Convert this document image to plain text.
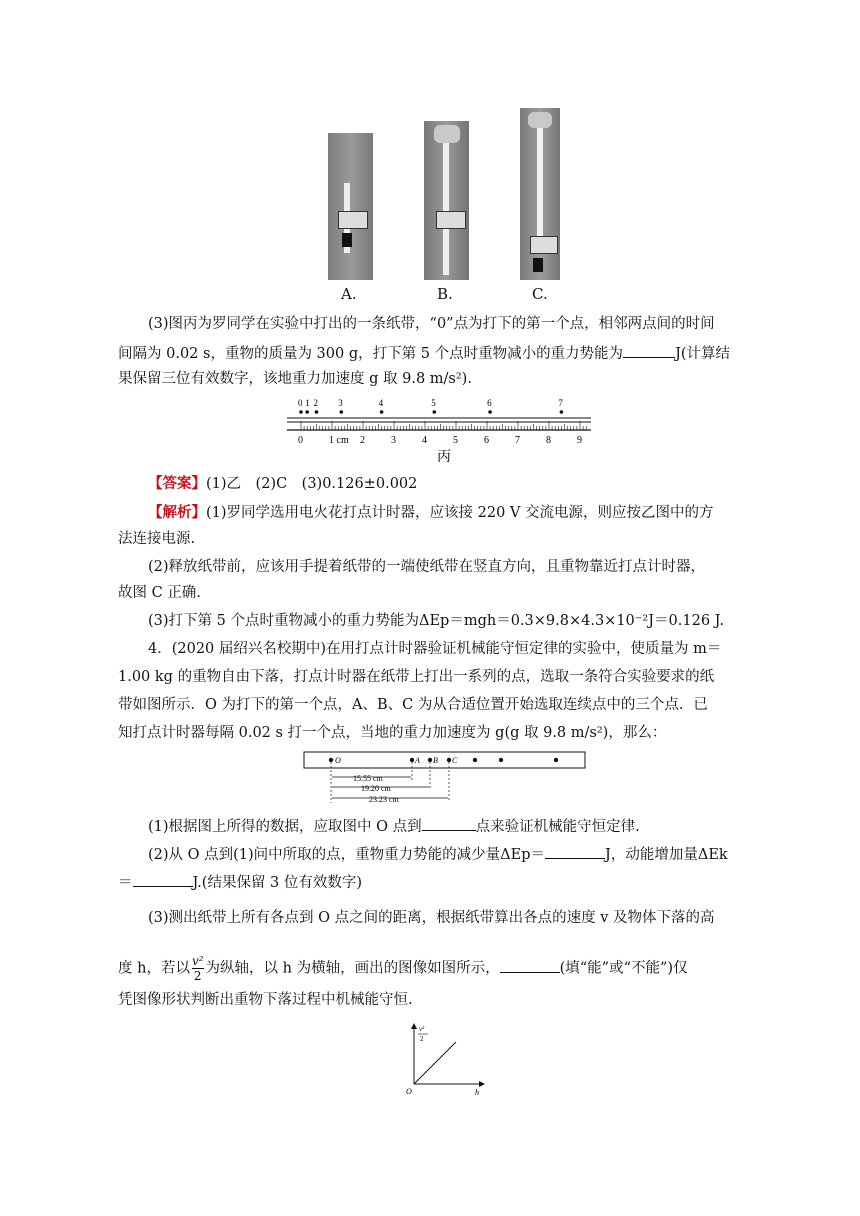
A.	B.	C.
(3)图丙为罗同学在实验中打出的一条纸带，“0”点为打下的第一个点，相邻两点间的时间
间隔为 0.02 s，重物的质量为 300 g，打下第 5 个点时重物减小的重力势能为	J(计算结
果保留三位有效数字，该地重力加速度 g 取 9.8 m/s²).
0	1 cm 2	3	4	5	6	7	8	9
0 1 2 3	4	5	6	7
丙
【答案】(1)乙　(2)C　(3)0.126±0.002
【解析】(1)罗同学选用电火花打点计时器，应该接 220 V 交流电源，则应按乙图中的方
法连接电源.
(2)释放纸带前，应该用手提着纸带的一端使纸带在竖直方向，且重物靠近打点计时器，
故图 C 正确.
(3)打下第 5 个点时重物减小的重力势能为ΔEp＝mgh＝0.3×9.8×4.3×10⁻²J＝0.126 J.
4．(2020 届绍兴名校期中)在用打点计时器验证机械能守恒定律的实验中，使质量为 m＝
1.00 kg 的重物自由下落，打点计时器在纸带上打出一系列的点，选取一条符合实验要求的纸
带如图所示．O 为打下的第一个点，A、B、C 为从合适位置开始选取连续点中的三个点．已
知打点计时器每隔 0.02 s 打一个点，当地的重力加速度为 g(g 取 9.8 m/s²)，那么：
O	A B C
15.55 cm
19.20 cm
23.23 cm
(1)根据图上所得的数据，应取图中 O 点到	点来验证机械能守恒定律.
(2)从 O 点到(1)问中所取的点，重物重力势能的减少量ΔEp＝	J，动能增加量ΔEk
＝	J.(结果保留 3 位有效数字)
(3)测出纸带上所有各点到 O 点之间的距离，根据纸带算出各点的速度 v 及物体下落的高
度 h，若以 $\frac{\text{v²}}{2}$ 为纵轴，以 h 为横轴，画出的图像如图所示，	(填“能”或“不能”)仅
凭图像形状判断出重物下落过程中机械能守恒.
v²
2
h
O
